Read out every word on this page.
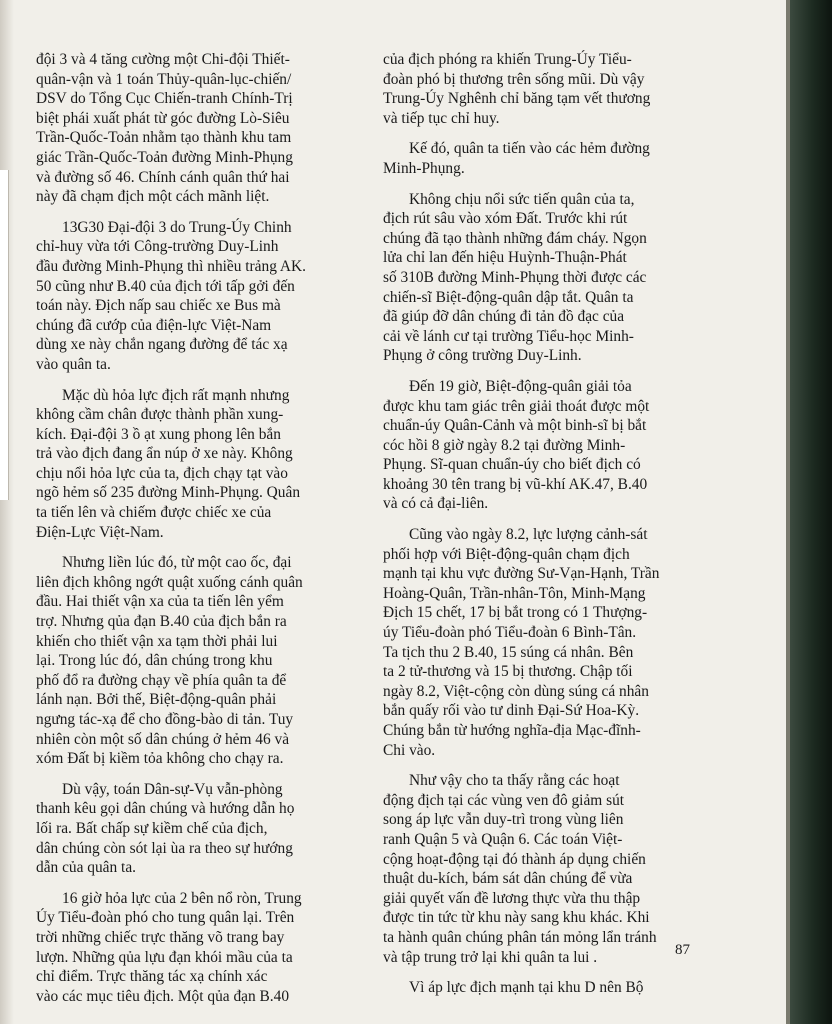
đội 3 và 4 tăng cường một Chi-đội Thiết-
quân-vận và 1 toán Thủy-quân-lục-chiến/
DSV do Tổng Cục Chiến-tranh Chính-Trị
biệt phái xuất phát từ góc đường Lò-Siêu
Trần-Quốc-Toản nhằm tạo thành khu tam
giác Trần-Quốc-Toản đường Minh-Phụng
và đường số 46. Chính cánh quân thứ hai
này đã chạm địch một cách mãnh liệt.

13G30 Đại-đội 3 do Trung-Úy Chinh
chỉ-huy vừa tới Công-trường Duy-Linh
đầu đường Minh-Phụng thì nhiều trảng AK.
50 cũng như B.40 của địch tới tấp gởi đến
toán này. Địch nấp sau chiếc xe Bus mà
chúng đã cướp của điện-lực Việt-Nam
dùng xe này chắn ngang đường để tác xạ
vào quân ta.

Mặc dù hỏa lực địch rất mạnh nhưng
không cầm chân được thành phần xung-
kích. Đại-đội 3 ồ ạt xung phong lên bắn
trả vào địch đang ẩn núp ở xe này. Không
chịu nổi hỏa lực của ta, địch chạy tạt vào
ngõ hẻm số 235 đường Minh-Phụng. Quân
ta tiến lên và chiếm được chiếc xe của
Điện-Lực Việt-Nam.

Nhưng liền lúc đó, từ một cao ốc, đại
liên địch không ngớt quật xuống cánh quân
đầu. Hai thiết vận xa của ta tiến lên yểm
trợ. Nhưng qủa đạn B.40 của địch bắn ra
khiến cho thiết vận xa tạm thời phải lui
lại. Trong lúc đó, dân chúng trong khu
phố đổ ra đường chạy về phía quân ta để
lánh nạn. Bởi thế, Biệt-động-quân phải
ngưng tác-xạ để cho đồng-bào di tản. Tuy
nhiên còn một số dân chúng ở hẻm 46 và
xóm Đất bị kiềm tỏa không cho chạy ra.

Dù vậy, toán Dân-sự-Vụ vẫn-phòng
thanh kêu gọi dân chúng và hướng dẫn họ
lối ra. Bất chấp sự kiềm chế của địch,
dân chúng còn sót lại ùa ra theo sự hướng
dẫn của quân ta.

16 giờ hỏa lực của 2 bên nổ ròn, Trung
Úy Tiểu-đoàn phó cho tung quân lại. Trên
trời những chiếc trực thăng võ trang bay
lượn. Những qủa lựu đạn khói mầu của ta
chỉ điểm. Trực thăng tác xạ chính xác
vào các mục tiêu địch. Một qủa đạn B.40

của địch phóng ra khiến Trung-Úy Tiểu-
đoàn phó bị thương trên sống mũi. Dù vậy
Trung-Úy Nghênh chỉ băng tạm vết thương
và tiếp tục chỉ huy.

Kế đó, quân ta tiến vào các hẻm đường
Minh-Phụng.

Không chịu nổi sức tiến quân của ta,
địch rút sâu vào xóm Đất. Trước khi rút
chúng đã tạo thành những đám cháy. Ngọn
lửa chỉ lan đến hiệu Huỳnh-Thuận-Phát
số 310B đường Minh-Phụng thời được các
chiến-sĩ Biệt-động-quân dập tắt. Quân ta
đã giúp đỡ dân chúng đi tản đồ đạc của
cải về lánh cư tại trường Tiểu-học Minh-
Phụng ở công trường Duy-Linh.

Đến 19 giờ, Biệt-động-quân giải tỏa
được khu tam giác trên giải thoát được một
chuẩn-úy Quân-Cảnh và một binh-sĩ bị bắt
cóc hồi 8 giờ ngày 8.2 tại đường Minh-
Phụng. Sĩ-quan chuẩn-úy cho biết địch có
khoảng 30 tên trang bị vũ-khí AK.47, B.40
và có cả đại-liên.

Cũng vào ngày 8.2, lực lượng cảnh-sát
phối hợp với Biệt-động-quân chạm địch
mạnh tại khu vực đường Sư-Vạn-Hạnh, Trần
Hoàng-Quân, Trần-nhân-Tôn, Minh-Mạng
Địch 15 chết, 17 bị bắt trong có 1 Thượng-
úy Tiểu-đoàn phó Tiểu-đoàn 6 Bình-Tân.
Ta tịch thu 2 B.40, 15 súng cá nhân. Bên
ta 2 tử-thương và 15 bị thương. Chập tối
ngày 8.2, Việt-cộng còn dùng súng cá nhân
bắn quấy rối vào tư dinh Đại-Sứ Hoa-Kỳ.
Chúng bắn từ hướng nghĩa-địa Mạc-đĩnh-
Chi vào.

Như vậy cho ta thấy rằng các hoạt
động địch tại các vùng ven đô giảm sút
song áp lực vẫn duy-trì trong vùng liên
ranh Quận 5 và Quận 6. Các toán Việt-
cộng hoạt-động tại đó thành áp dụng chiến
thuật du-kích, bám sát dân chúng để vừa
giải quyết vấn đề lương thực vừa thu thập
được tin tức từ khu này sang khu khác. Khi
ta hành quân chúng phân tán mỏng lẩn tránh
và tập trung trở lại khi quân ta lui .

Vì áp lực địch mạnh tại khu D nên Bộ

87
